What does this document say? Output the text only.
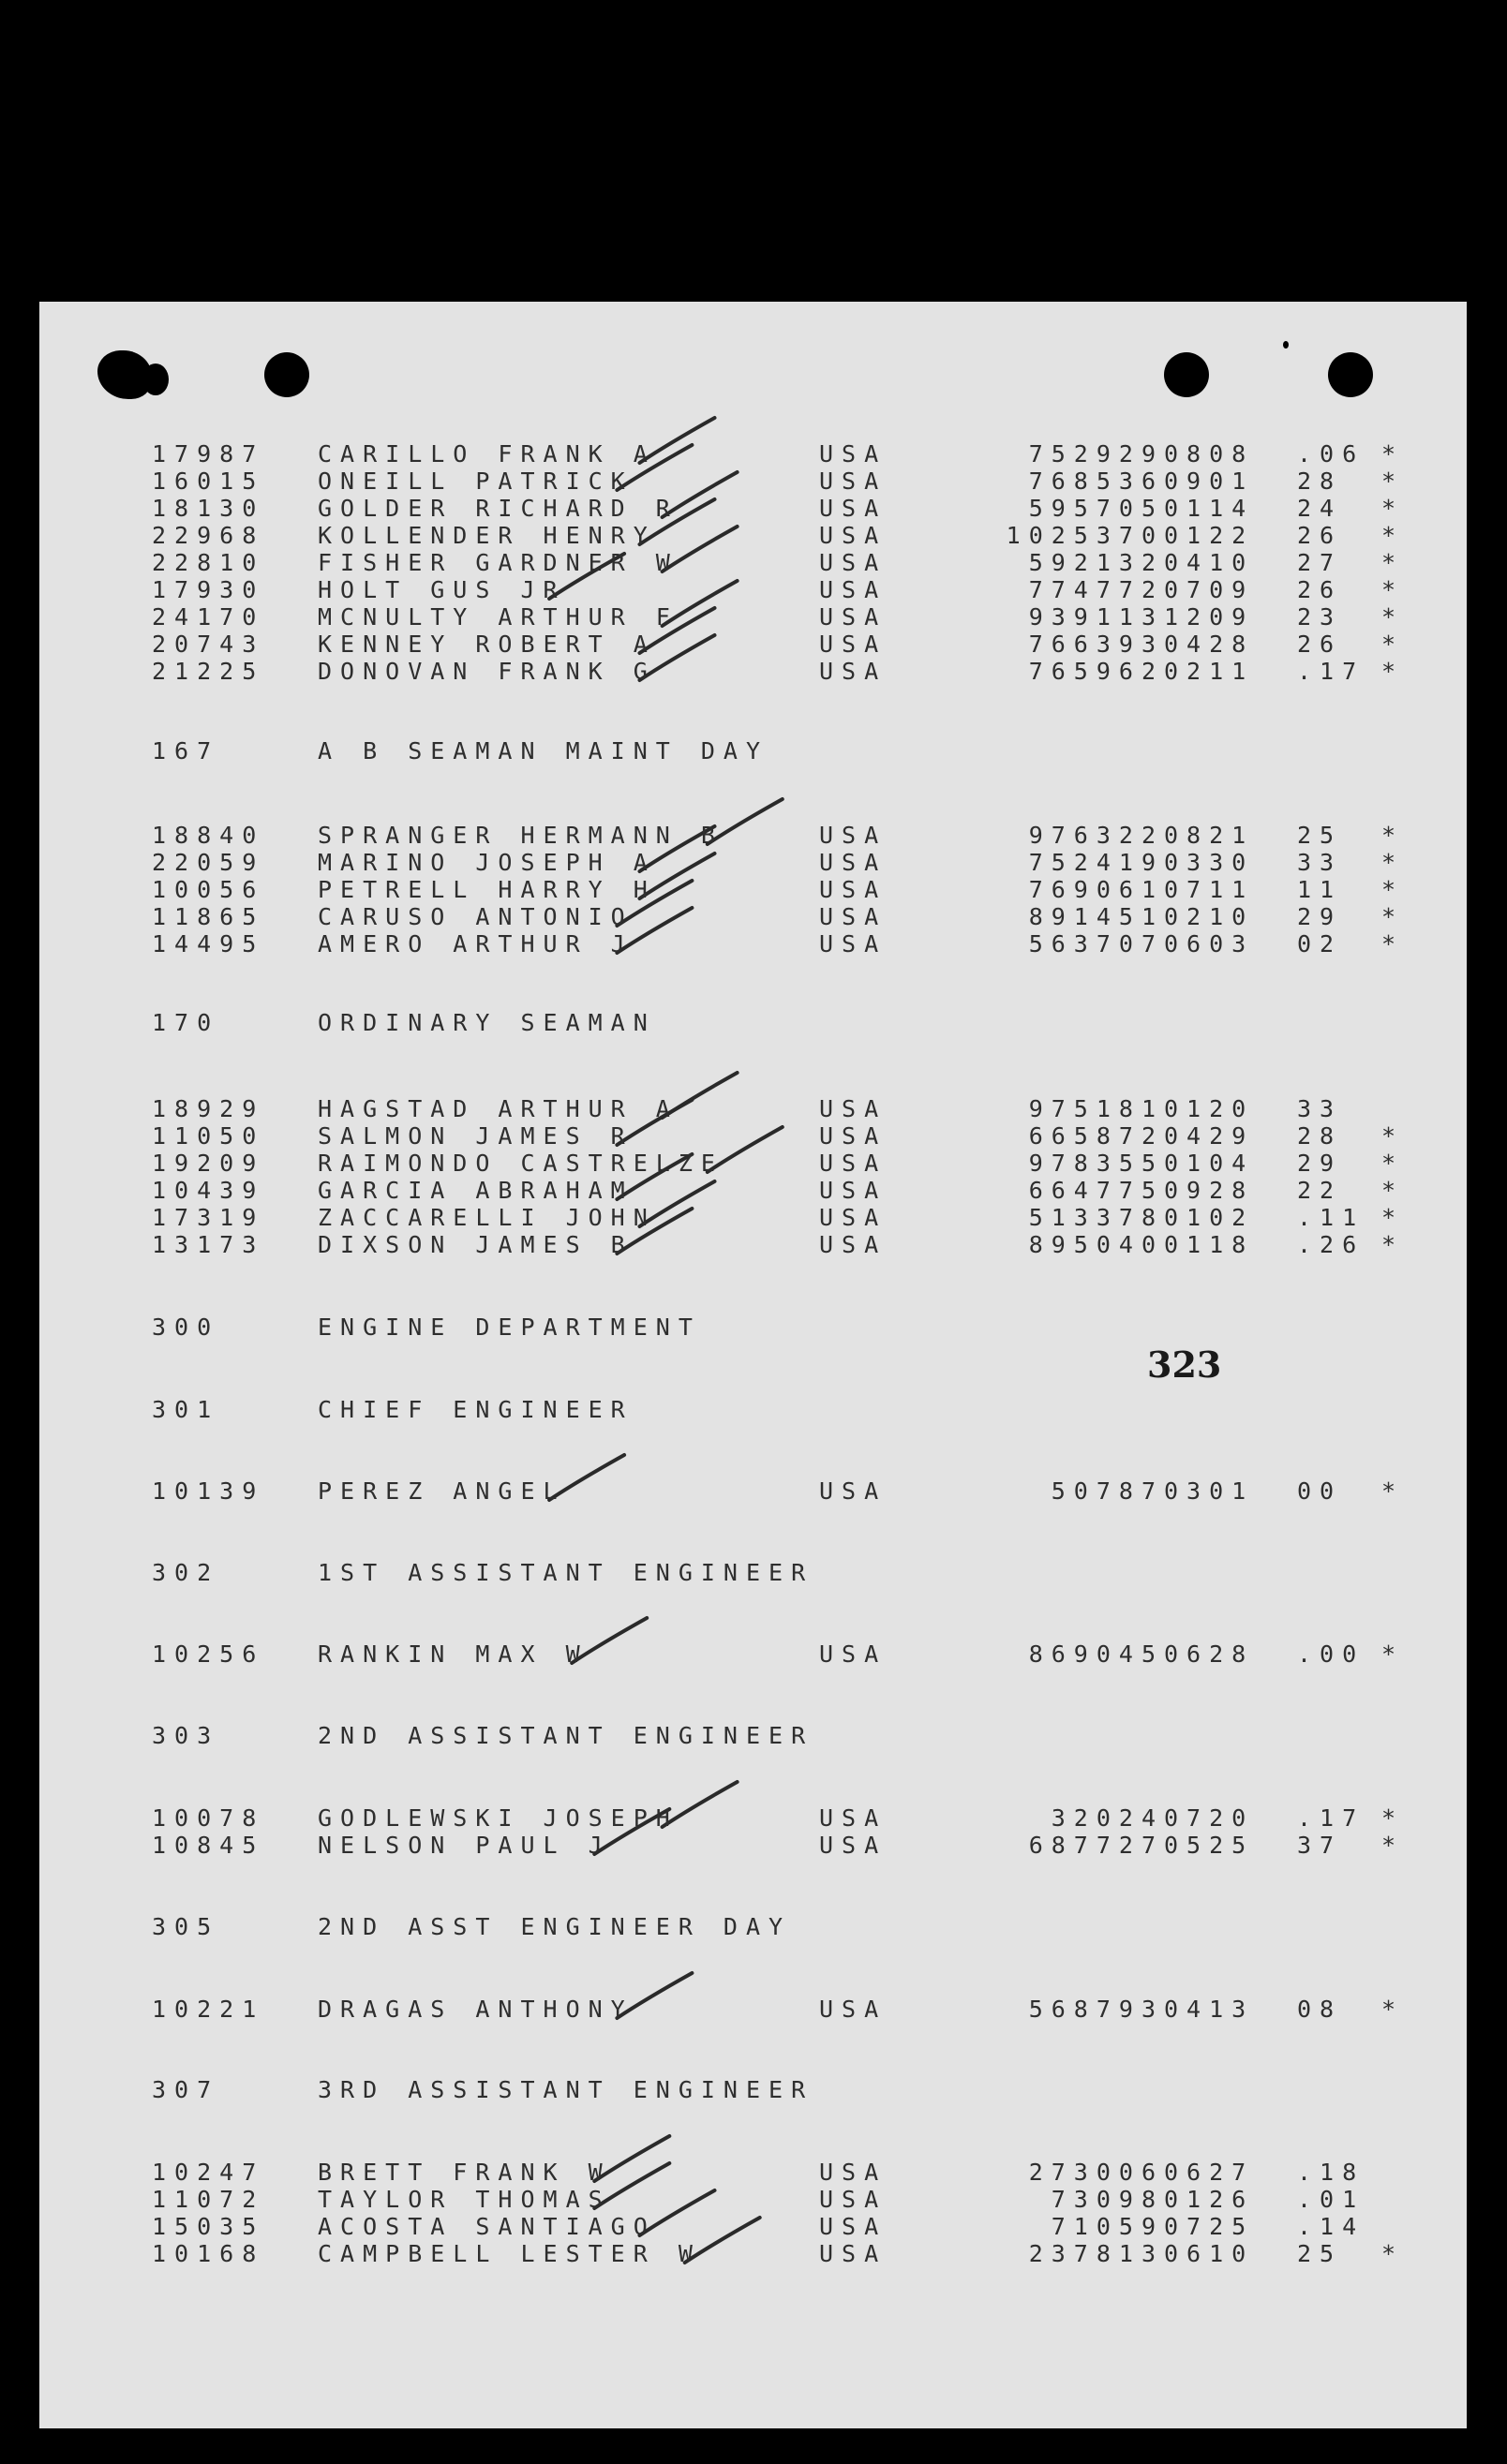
323
17987 CARILLO FRANK A	USA	752929 0808 .06 *
16015 ONEILL PATRICK	USA	768536 0901 28 *
18130 GOLDER RICHARD R	USA	595705 0114 24 *
22968 KOLLENDER HENRY	USA	1025370 0122 26 *
22810 FISHER GARDNER W	USA	592132 0410 27 *
17930 HOLT GUS JR	USA	774772 0709 26 *
24170 MCNULTY ARTHUR F	USA	939113 1209 23 *
20743 KENNEY ROBERT A	USA	766393 0428 26 *
21225 DONOVAN FRANK G	USA	765962 0211 .17 *
167	A B SEAMAN MAINT DAY
18840 SPRANGER HERMANN B	USA	976322 0821 25 *
22059 MARINO JOSEPH A	USA	752419 0330 33 *
10056 PETRELL HARRY H	USA	769061 0711 11 *
11865 CARUSO ANTONIO	USA	891451 0210 29 *
14495 AMERO ARTHUR J	USA	563707 0603 02 *
170	ORDINARY SEAMAN
18929 HAGSTAD ARTHUR A	USA	975181 0120 33
11050 SALMON JAMES R	USA	665872 0429 28 *
19209 RAIMONDO CASTRELZE	USA	978355 0104 29 *
10439 GARCIA ABRAHAM	USA	664775 0928 22 *
17319 ZACCARELLI JOHN	USA	513378 0102 .11 *
13173 DIXSON JAMES B	USA	895040 0118 .26 *
300	ENGINE DEPARTMENT
301	CHIEF ENGINEER
10139 PEREZ ANGEL	USA	50787 0301 00 *
302	1ST ASSISTANT ENGINEER
10256 RANKIN MAX W	USA	869045 0628 .00 *
303	2ND ASSISTANT ENGINEER
10078 GODLEWSKI JOSEPH	USA	32024 0720 .17 *
10845 NELSON PAUL J	USA	687727 0525 37 *
305	2ND ASST ENGINEER DAY
10221 DRAGAS ANTHONY	USA	568793 0413 08 *
307	3RD ASSISTANT ENGINEER
10247 BRETT FRANK W	USA	273006 0627 .18
11072 TAYLOR THOMAS	USA	73098 0126 .01
15035 ACOSTA SANTIAGO	USA	71059 0725 .14
10168 CAMPBELL LESTER W	USA	237813 0610 25 *
